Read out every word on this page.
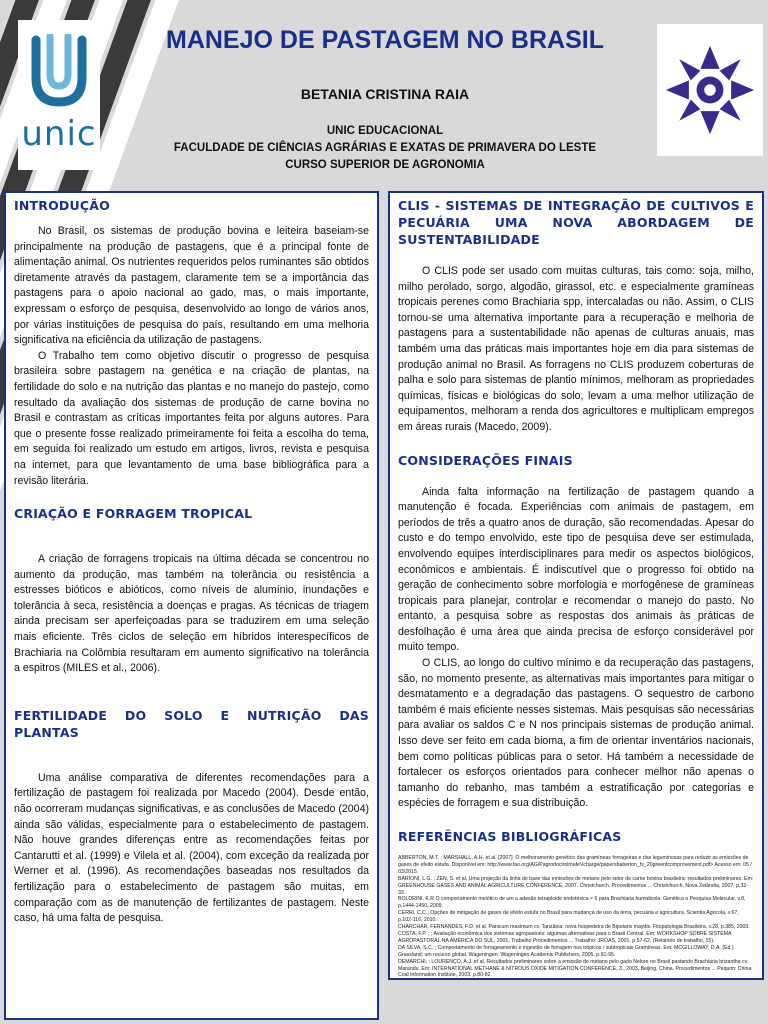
unic
MANEJO DE PASTAGEM NO BRASIL
BETANIA CRISTINA RAIA
UNIC EDUCACIONAL
FACULDADE DE CIÊNCIAS AGRÁRIAS E EXATAS DE PRIMAVERA DO LESTE
CURSO SUPERIOR DE AGRONOMIA
INTRODUÇÃO

No Brasil, os sistemas de produção bovina e leiteira baseiam-se principalmente na produção de pastagens, que é a principal fonte de alimentação animal. Os nutrientes requeridos pelos ruminantes são obtidos diretamente através da pastagem, claramente tem se a importância das pastagens para o apoio nacional ao gado, mas, o mais importante, expressam o esforço de pesquisa, desenvolvido ao longo de vários anos, por várias instituições de pesquisa do país, resultando em uma melhoria significativa na eficiência da utilização de pastagens.

O Trabalho tem como objetivo discutir o progresso de pesquisa brasileira sobre pastagem na genética e na criação de plantas, na fertilidade do solo e na nutrição das plantas e no manejo do pastejo, como resultado da avaliação dos sistemas de produção de carne bovina no Brasil e contrastam as críticas importantes feita por alguns autores. Para que o presente fosse realizado primeiramente foi feita a escolha do tema, em seguida foi realizado um estudo em artigos, livros, revista e pesquisa na internet, para que levantamento de uma base bibliográfica para a revisão literária.

CRIAÇÃO E FORRAGEM TROPICAL

A criação de forragens tropicais na última década se concentrou no aumento da produção, mas também na tolerância ou resistência a estresses bióticos e abióticos, como níveis de alumínio, inundações e tolerância à seca, resistência a doenças e pragas. As técnicas de triagem ainda precisam ser aperfeiçoadas para se traduzirem em uma seleção mais eficiente. Três ciclos de seleção em híbridos interespecíficos de Brachiaria na Colômbia resultaram em aumento significativo na tolerância a espitros (MILES et al., 2006).

FERTILIDADE DO SOLO E NUTRIÇÃO DAS PLANTAS

Uma análise comparativa de diferentes recomendações para a fertilização de pastagem foi realizada por Macedo (2004). Desde então, não ocorreram mudanças significativas, e as conclusões de Macedo (2004) ainda são válidas, especialmente para o estabelecimento de pastagem. Não houve grandes diferenças entre as recomendações feitas por Cantarutti et al. (1999) e Vilela et al. (2004), com exceção da realizada por Werner et al. (1996). As recomendações baseadas nos resultados da fertilização para o estabelecimento de pastagem são muitas, em comparação com as de manutenção de fertilizantes de pastagem. Neste caso, há uma falta de pesquisa.

CLIS - SISTEMAS DE INTEGRAÇÃO DE CULTIVOS E PECUÁRIA UMA NOVA ABORDAGEM DE SUSTENTABILIDADE

O CLIS pode ser usado com muitas culturas, tais como: soja, milho, milho perolado, sorgo, algodão, girassol, etc. e especialmente gramíneas tropicais perenes como Brachiaria spp, intercaladas ou não. Assim, o CLIS tornou-se uma alternativa importante para a recuperação e melhoria de pastagens para a sustentabilidade não apenas de culturas anuais, mas também uma das práticas mais importantes hoje em dia para sistemas de produção animal no Brasil. As forragens no CLIS produzem coberturas de palha e solo para sistemas de plantio mínimos, melhoram as propriedades químicas, físicas e biológicas do solo, levam a uma melhor utilização de equipamentos, melhoram a renda dos agricultores e multiplicam empregos em áreas rurais (Macedo, 2009).

CONSIDERAÇÕES FINAIS

Ainda falta informação na fertilização de pastagem quando a manutenção é focada. Experiências com animais de pastagem, em períodos de três a quatro anos de duração, são recomendadas. Apesar do custo e do tempo envolvido, este tipo de pesquisa deve ser estimulada, envolvendo equipes interdisciplinares para medir os aspectos biológicos, econômicos e ambientais. É indiscutível que o progresso foi obtido na geração de conhecimento sobre morfologia e morfogênese de gramíneas tropicais para planejar, controlar e recomendar o manejo do pasto. No entanto, a pesquisa sobre as respostas dos animais às práticas de desfolhação é uma área que ainda precisa de esforço considerável por muito tempo.

O CLIS, ao longo do cultivo mínimo e da recuperação das pastagens, são, no momento presente, as alternativas mais importantes para mitigar o desmatamento e a degradação das pastagens. O sequestro de carbono também é mais eficiente nesses sistemas. Mais pesquisas são necessárias para avaliar os saldos C e N nos principais sistemas de produção animal. Isso deve ser feito em cada bioma, a fim de orientar inventários nacionais, bem como políticas públicas para o setor. Há também a necessidade de fortalecer os esforços orientados para conhecer melhor não apenas o tamanho do rebanho, mas também a estratificação por categorias e espécies de forragem e sua distribuição.

REFERÊNCIAS BIBLIOGRÁFICAS

ABBERTON, M.T. ; MARSHALL, A.H. et al. [2007]. O melhoramento genético das gramíneas forrageiras e das leguminosas para reduzir as emissões de gases de efeito estufa. Disponível em: http://www.fao.org/AG/PagrodocirolmafeVcharge/papersbaberton_fs_20greenfcomprovement.pdf> Acesso em: 05 / 03/2015.

BARIONI, L.G. ; ZEN, S. et al. Uma projeção da linha de base das emissões de metano pelo setor de carne bovina brasileira: resultados preliminares. Em: GREENHOUSE GASES AND ANIMAL AGRICULTURE CONFERENCE, 2007. Christchurch. Procedimentos ... Christchurch, Nova Zelândia, 2007. p.32-33.

BOLDRINI, K.R O comportamento meiótico de um a adesão tetraploide endotéxica × 6 para Brachiaria humidicola. Genética e Pesquisa Molecular, v.8, p.1444-1450, 2009.

CERRI, C.C.; Opções de mitigação de gases de efeito estufa no Brasil para mudança de uso da terra, pecuária e agricultura. Scientia Agricola, v.67, p.102-116, 2010.

CHARCHAR, FERNANDES, F.D. et al. Panicum maximum cv. Tanzânia: nova hospedeira de Bipolaris maydis. Fitopatologia Brasileira, v.28, p.385, 2003.

COSTA, F.P. ; ; Avaliação econômica dos sistemas agropastoris: algumas alternativas para o Brasil Central. Em: WORKSHOP SOBRE SISTEMA AGROPASTORAL NA AMÉRICA DO SUL, 2001, Trabalho Procedimentos ... Trabalho: JROAS, 2001. p.57-62. (Relatório de trabalho, 15).

DA SILVA, S.C. ; Comportamento de forrageamento e ingestão de forragem nos trópicos / subtropicais Gramíneas. Em: MCGILLOWAY, D.A. (Ed.) Grassland: um recurso global. Wageningen: Wageningen Academic Publishers, 2005, p.91-95.

DEMARCHI, ; LOURENÇO, A.J. et al. Resultados preliminares sobre a emissão de metano pelo gado Nelore no Brasil pastando Brachiaria brizantha cv. Marandu. Em: INTERNATIONAL METHANE & NITROUS OXIDE MITIGATION CONFERENCE, 3., 2003, Beijing, China. Procedimentos ... Pequim: China Coal Information Institute, 2003. p.80-82.
